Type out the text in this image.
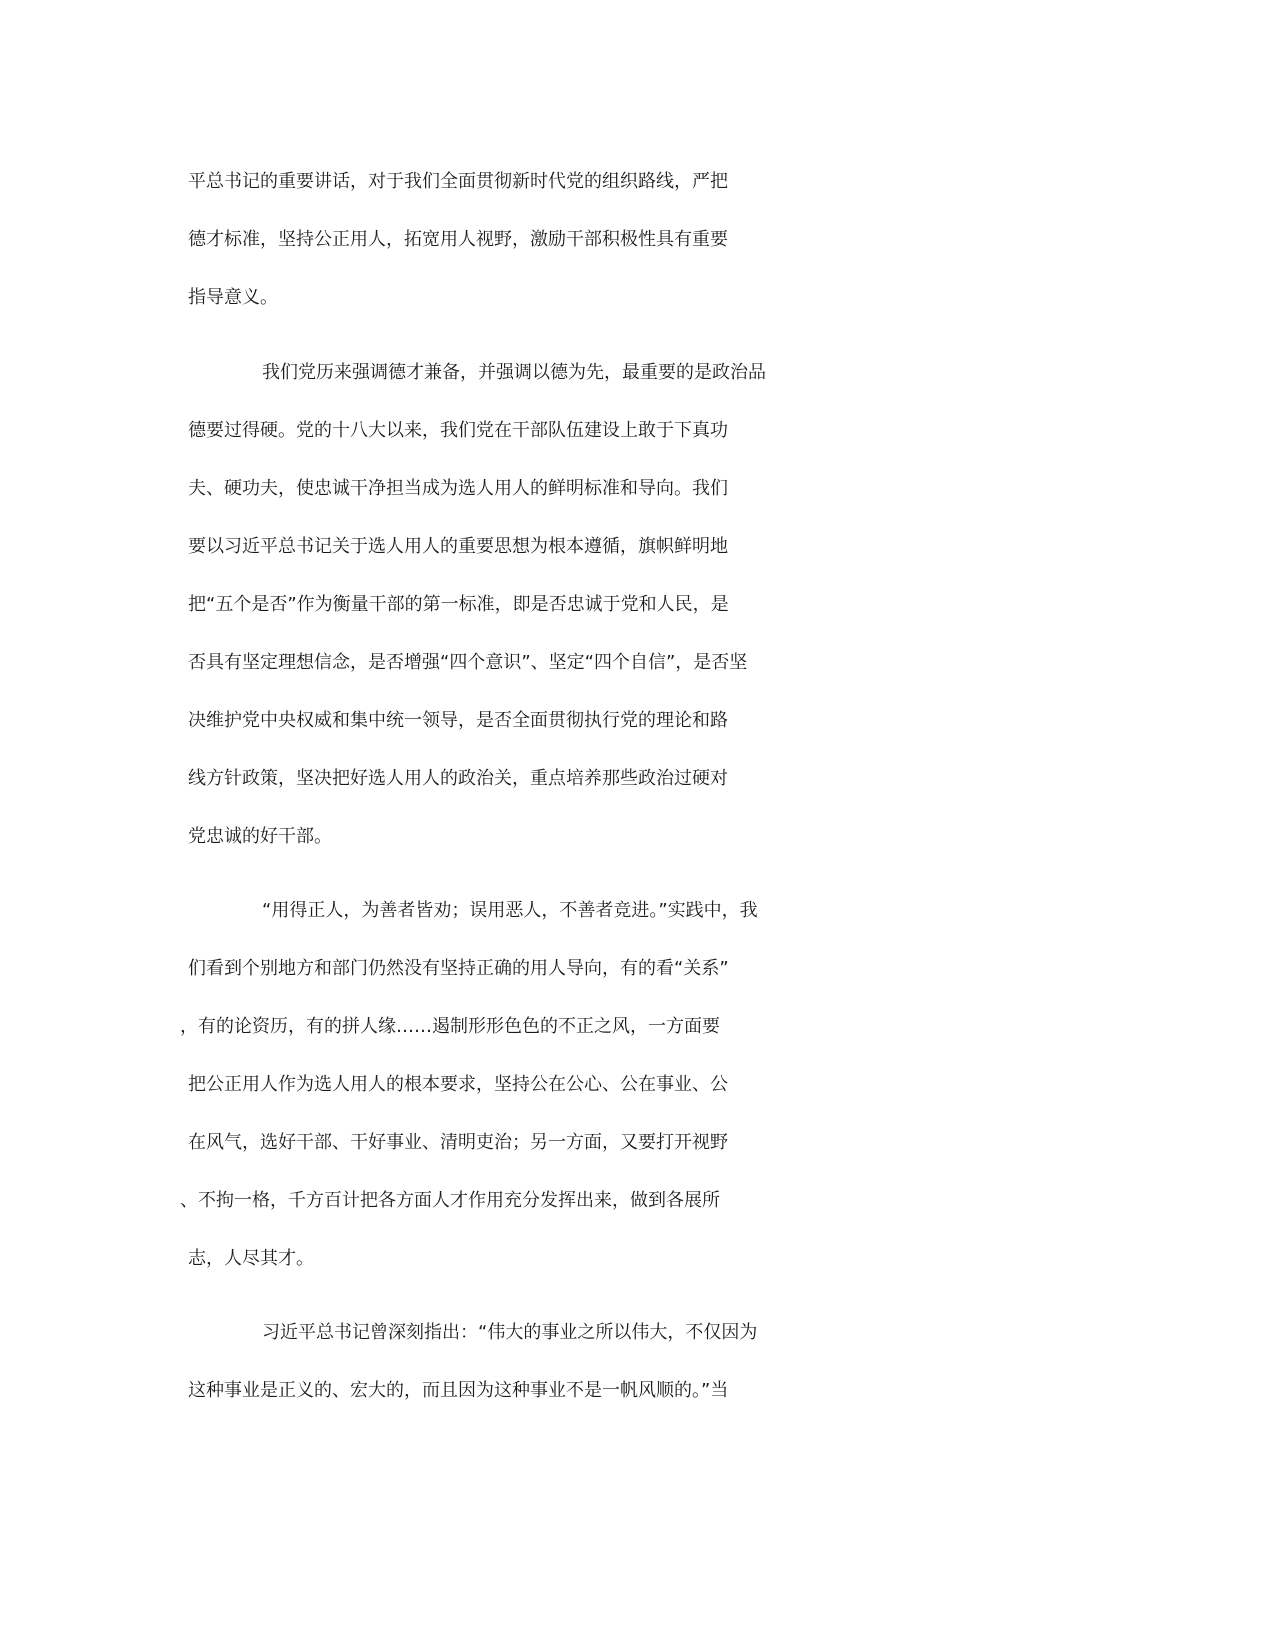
平总书记的重要讲话，对于我们全面贯彻新时代党的组织路线，严把
德才标准，坚持公正用人，拓宽用人视野，激励干部积极性具有重要
指导意义。
我们党历来强调德才兼备，并强调以德为先，最重要的是政治品
德要过得硬。党的十八大以来，我们党在干部队伍建设上敢于下真功
夫、硬功夫，使忠诚干净担当成为选人用人的鲜明标准和导向。我们
要以习近平总书记关于选人用人的重要思想为根本遵循，旗帜鲜明地
把“五个是否”作为衡量干部的第一标准，即是否忠诚于党和人民，是
否具有坚定理想信念，是否增强“四个意识”、坚定“四个自信”，是否坚
决维护党中央权威和集中统一领导，是否全面贯彻执行党的理论和路
线方针政策，坚决把好选人用人的政治关，重点培养那些政治过硬对
党忠诚的好干部。
“用得正人，为善者皆劝；误用恶人，不善者竞进。”实践中，我
们看到个别地方和部门仍然没有坚持正确的用人导向，有的看“关系”
，有的论资历，有的拼人缘……遏制形形色色的不正之风，一方面要
把公正用人作为选人用人的根本要求，坚持公在公心、公在事业、公
在风气，选好干部、干好事业、清明吏治；另一方面，又要打开视野
、不拘一格，千方百计把各方面人才作用充分发挥出来，做到各展所
志，人尽其才。
习近平总书记曾深刻指出：“伟大的事业之所以伟大，不仅因为
这种事业是正义的、宏大的，而且因为这种事业不是一帆风顺的。”当
